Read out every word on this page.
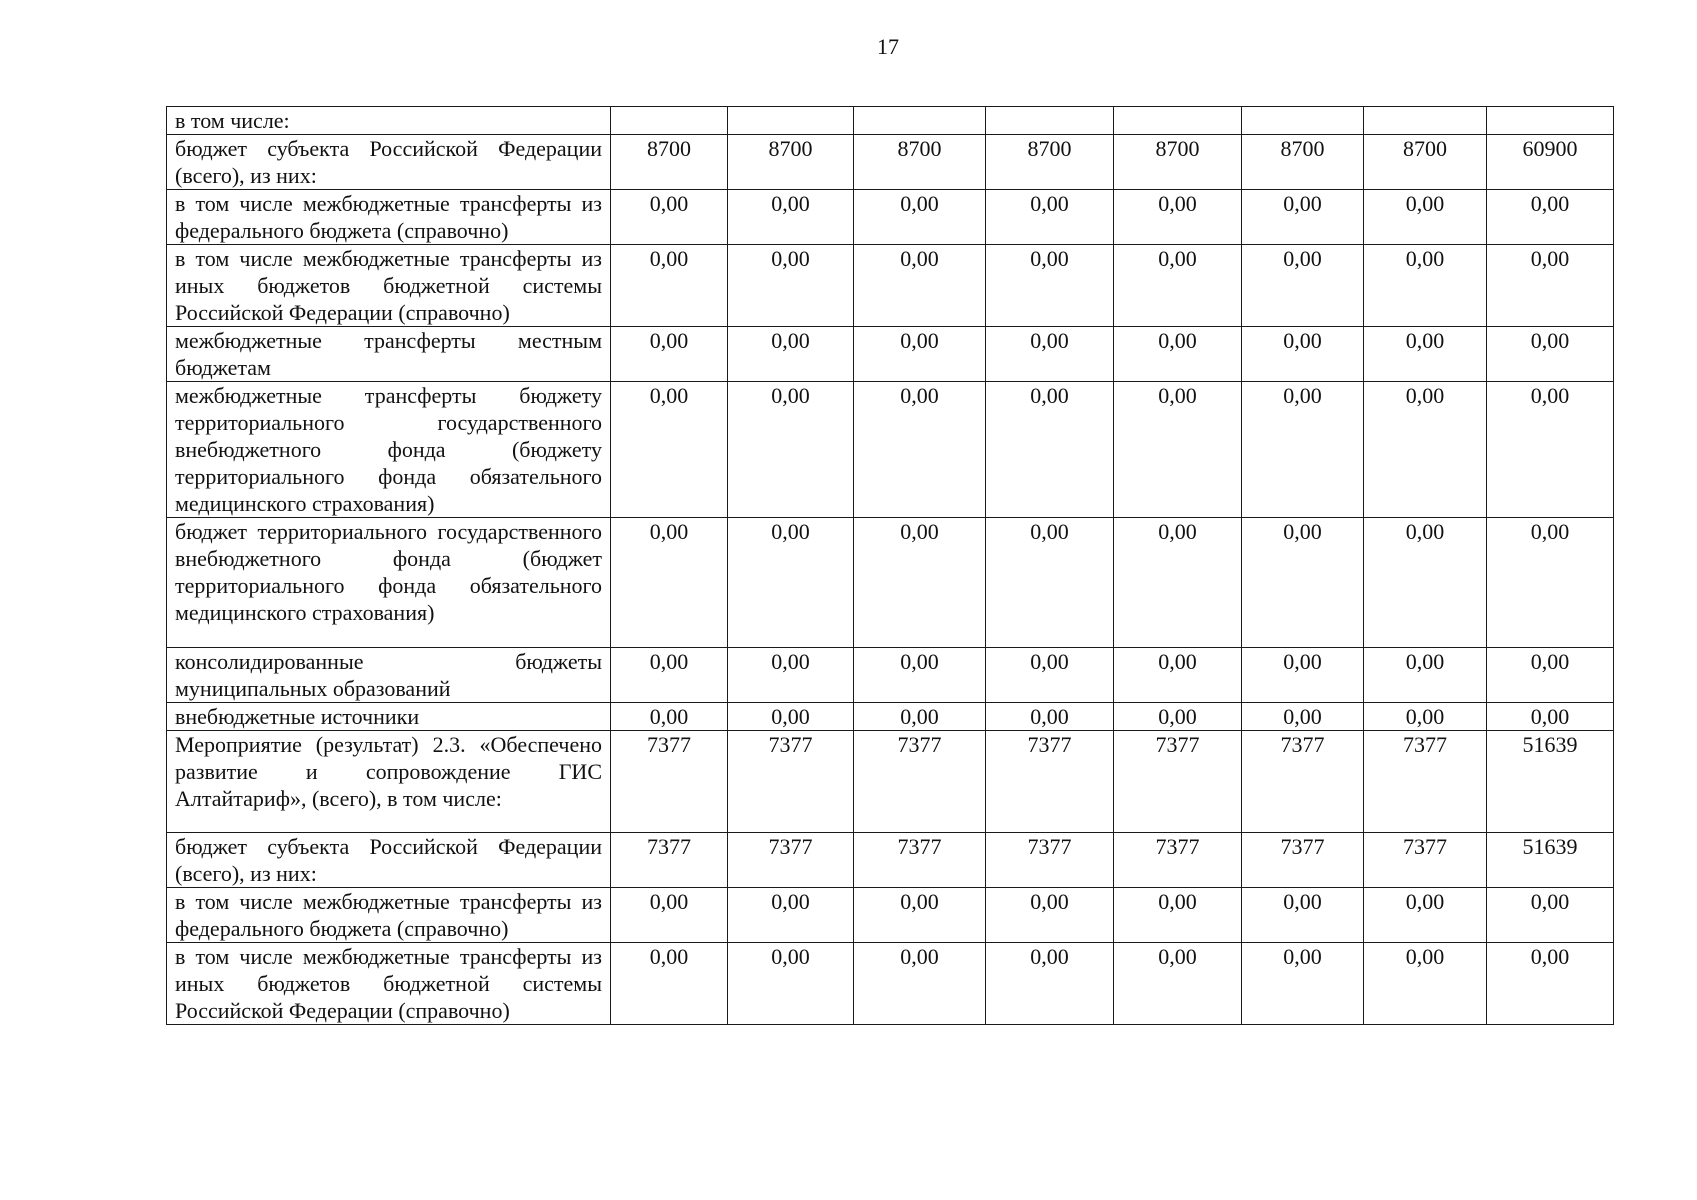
17
в том числе:								
бюджет субъекта Российской Федерации (всего), из них:	8700	8700	8700	8700	8700	8700	8700	60900
в том числе межбюджетные трансферты из федерального бюджета (справочно)	0,00	0,00	0,00	0,00	0,00	0,00	0,00	0,00
в том числе межбюджетные трансферты из иных бюджетов бюджетной системы Российской Федерации (справочно)	0,00	0,00	0,00	0,00	0,00	0,00	0,00	0,00
межбюджетные трансферты местным бюджетам	0,00	0,00	0,00	0,00	0,00	0,00	0,00	0,00
межбюджетные трансферты бюджету территориального государственного внебюджетного фонда (бюджету территориального фонда обязательного медицинского страхования)	0,00	0,00	0,00	0,00	0,00	0,00	0,00	0,00
бюджет территориального государственного внебюджетного фонда (бюджет территориального фонда обязательного медицинского страхования)	0,00	0,00	0,00	0,00	0,00	0,00	0,00	0,00
консолидированные бюджеты муниципальных образований	0,00	0,00	0,00	0,00	0,00	0,00	0,00	0,00
внебюджетные источники	0,00	0,00	0,00	0,00	0,00	0,00	0,00	0,00
Мероприятие (результат) 2.3. «Обеспечено развитие и сопровождение ГИС Алтайтариф», (всего), в том числе:	7377	7377	7377	7377	7377	7377	7377	51639
бюджет субъекта Российской Федерации (всего), из них:	7377	7377	7377	7377	7377	7377	7377	51639
в том числе межбюджетные трансферты из федерального бюджета (справочно)	0,00	0,00	0,00	0,00	0,00	0,00	0,00	0,00
в том числе межбюджетные трансферты из иных бюджетов бюджетной системы Российской Федерации (справочно)	0,00	0,00	0,00	0,00	0,00	0,00	0,00	0,00
